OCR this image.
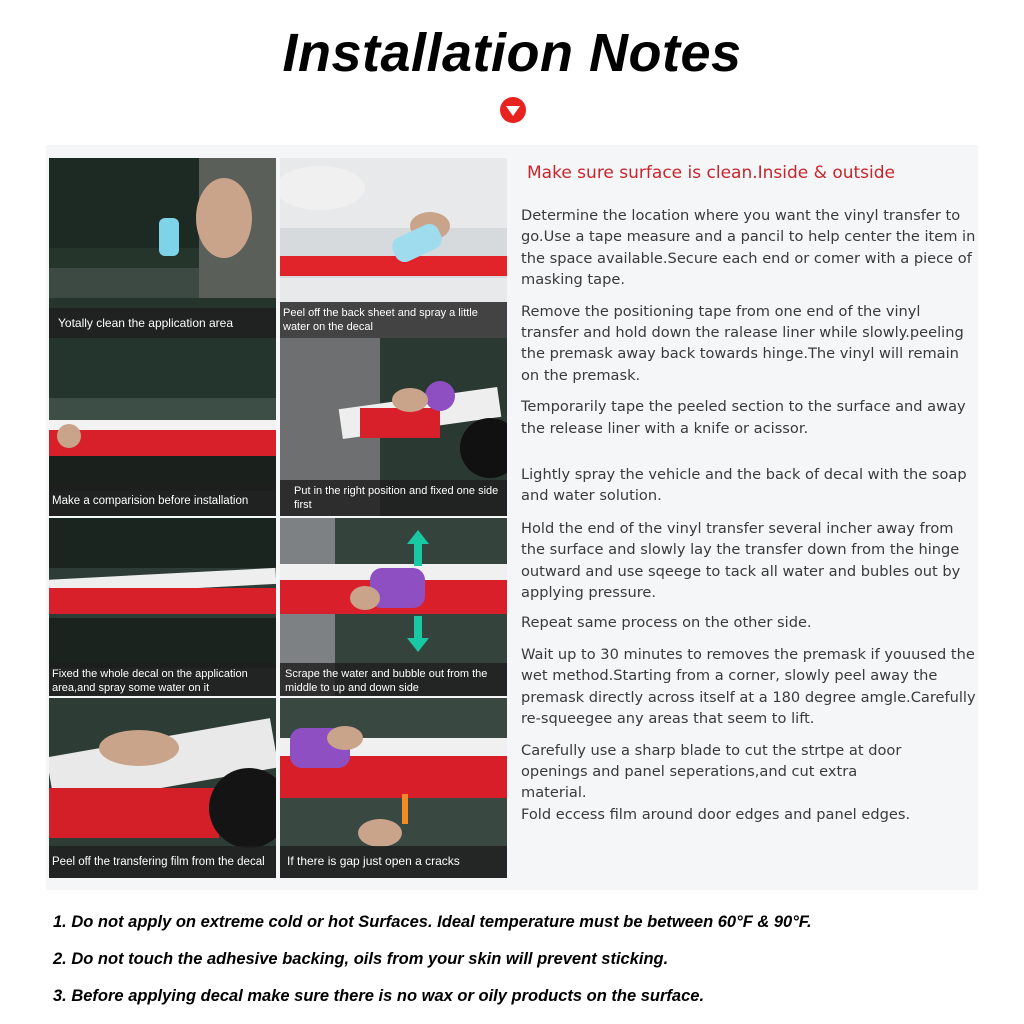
Installation Notes
Yotally clean the application area
Peel off the back sheet and spray a little water on the decal
Make a comparision before installation
Put in the right position and fixed one side first
Fixed the whole decal on the application area,and spray some water on it
Scrape the water and bubble out from the middle to up and down side
Peel off the transfering film from the decal	If there is gap just open a cracks
Make sure surface is clean.Inside & outside

Determine the location where you want the vinyl transfer to go.Use a tape measure and a pancil to help center the item in the space available.Secure each end or comer with a piece of masking tape.

Remove the positioning tape from one end of the vinyl transfer and hold down the ralease liner while slowly.peeling the premask away back towards hinge.The vinyl will remain on the premask.

Temporarily tape the peeled section to the surface and away the release liner with a knife or acissor.

Lightly spray the vehicle and the back of decal with the soap and water solution.

Hold the end of the vinyl transfer several incher away from the surface and slowly lay the transfer down from the hinge outward and use sqeege to tack all water and bubles out by applying pressure.

Repeat same process on the other side.

Wait up to 30 minutes to removes the premask if youused the wet method.Starting from a corner, slowly peel away the premask directly across itself at a 180 degree amgle.Carefully re-squeegee any areas that seem to lift.

Carefully use a sharp blade to cut the strtpe at door openings and panel seperations,and cut extra material.

Fold eccess film around door edges and panel edges.

1. Do not apply on extreme cold or hot Surfaces. Ideal temperature must be between 60°F & 90°F.
2. Do not touch the adhesive backing, oils from your skin will prevent sticking.
3. Before applying decal make sure there is no wax or oily products on the surface.
